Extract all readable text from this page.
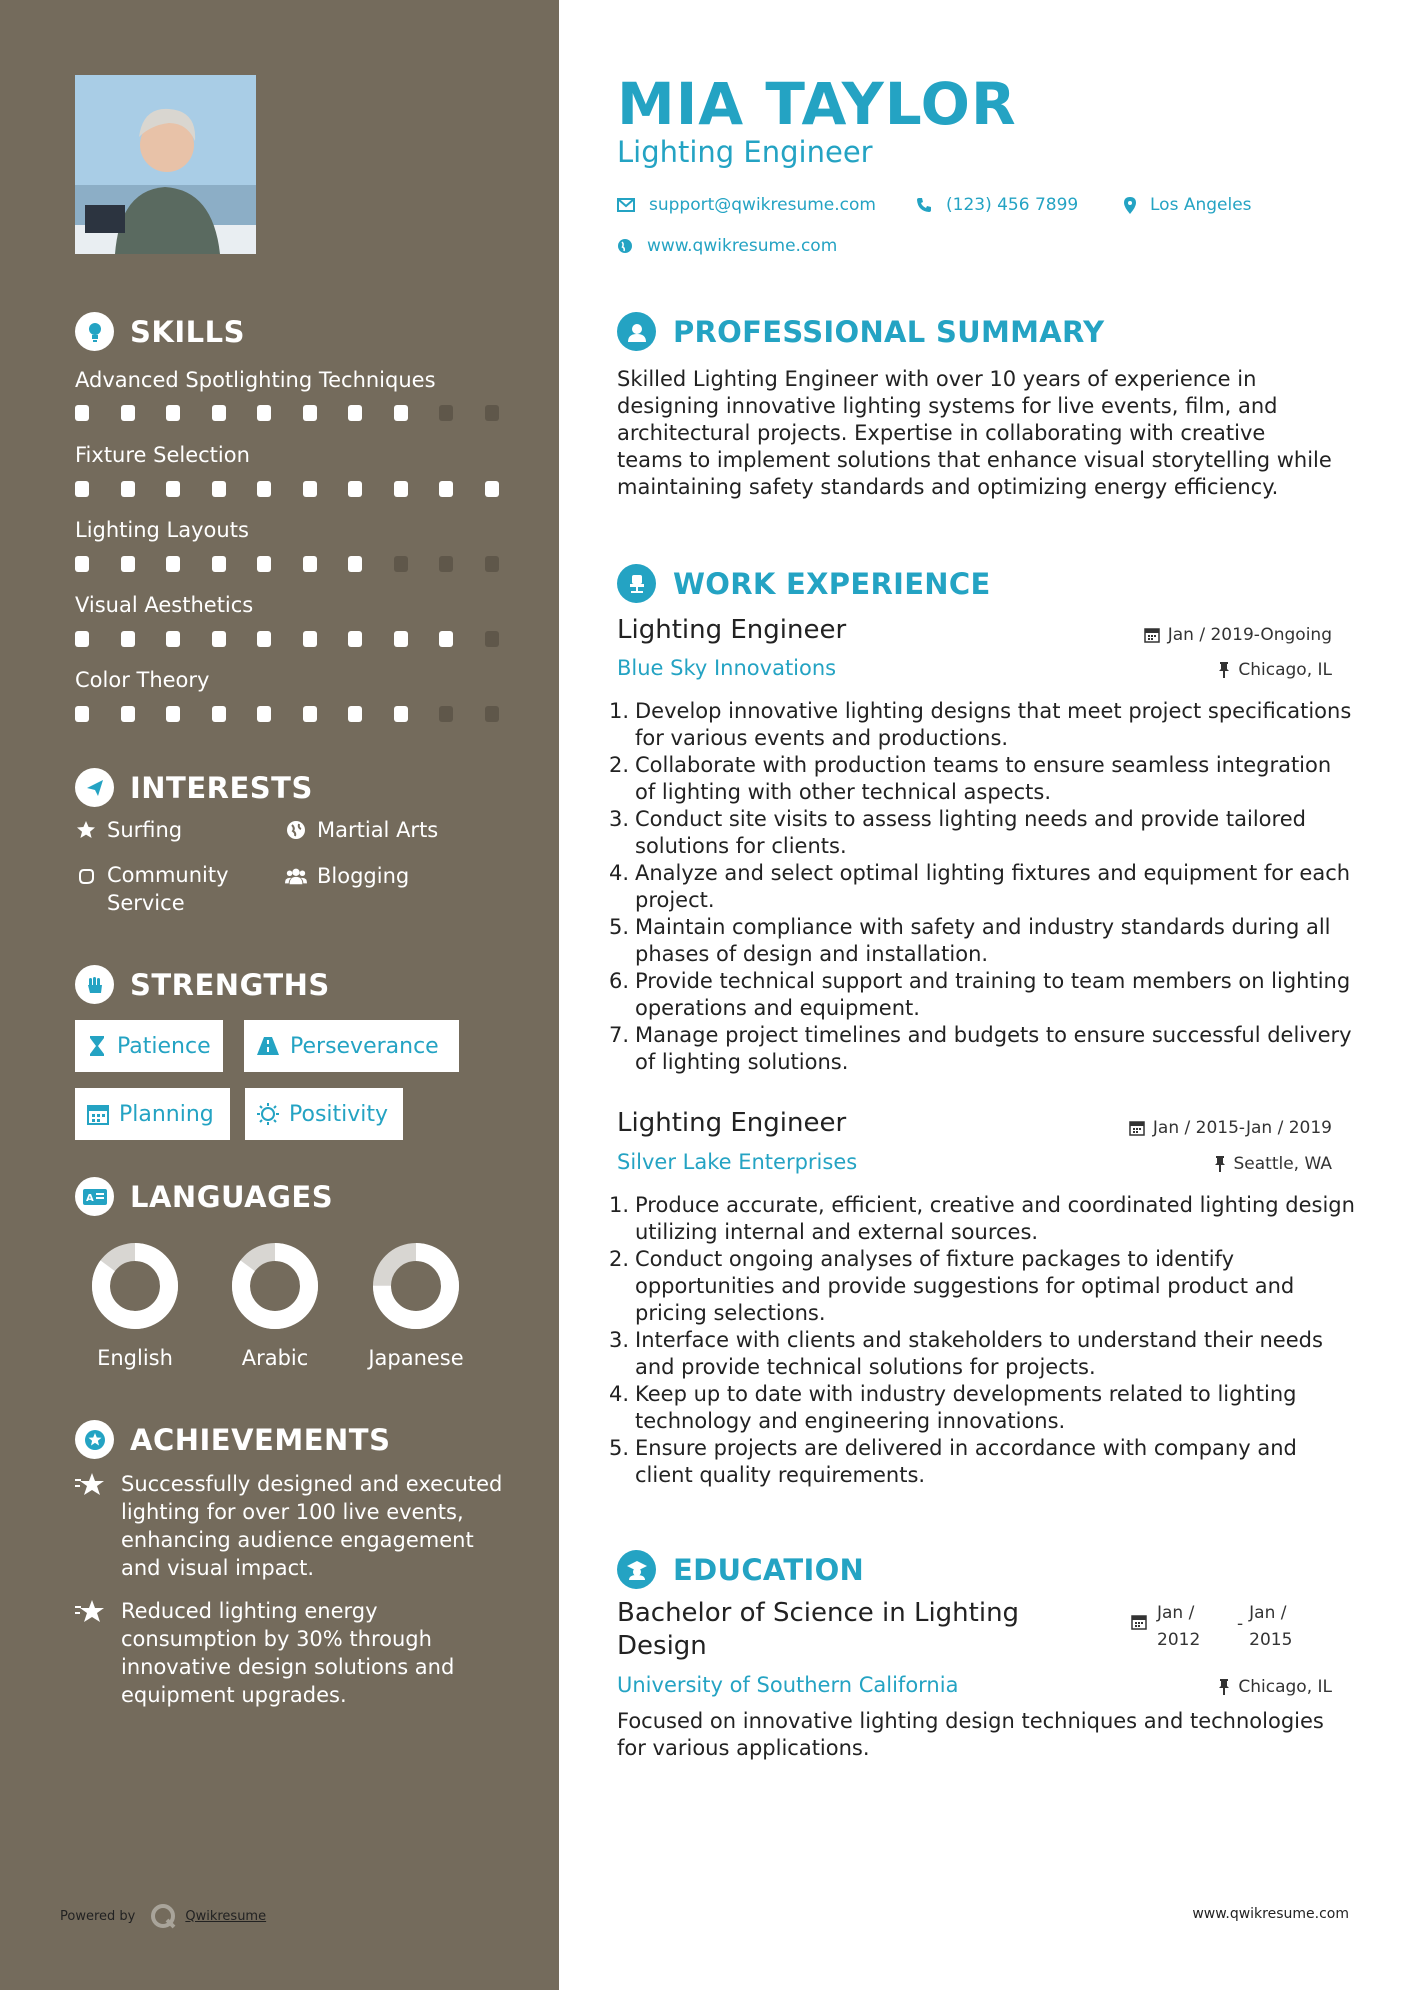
SKILLS
Advanced Spotlighting Techniques
Fixture Selection
Lighting Layouts
Visual Aesthetics
Color Theory
INTERESTS
Surfing	Martial Arts
Community Service
Blogging
STRENGTHS
Patience	Perseverance
Planning	Positivity
A LANGUAGES
English	Arabic	Japanese
ACHIEVEMENTS
Successfully designed and executed lighting for over 100 live events, enhancing audience engagement and visual impact.
Reduced lighting energy consumption by 30% through innovative design solutions and equipment upgrades.
Powered by	Qwikresume
MIA TAYLOR
Lighting Engineer
support@qwikresume.com	(123) 456 7899	Los Angeles
www.qwikresume.com
PROFESSIONAL SUMMARY
Skilled Lighting Engineer with over 10 years of experience in designing innovative lighting systems for live events, film, and architectural projects. Expertise in collaborating with creative teams to implement solutions that enhance visual storytelling while maintaining safety standards and optimizing energy efficiency.
WORK EXPERIENCE
Lighting Engineer	Jan / 2019-Ongoing
Blue Sky Innovations	Chicago, IL
1. Develop innovative lighting designs that meet project specifications for various events and productions.
2. Collaborate with production teams to ensure seamless integration of lighting with other technical aspects.
3. Conduct site visits to assess lighting needs and provide tailored solutions for clients.
4. Analyze and select optimal lighting fixtures and equipment for each project.
5. Maintain compliance with safety and industry standards during all phases of design and installation.
6. Provide technical support and training to team members on lighting operations and equipment.
7. Manage project timelines and budgets to ensure successful delivery of lighting solutions.
Lighting Engineer	Jan / 2015-Jan / 2019
Silver Lake Enterprises	Seattle, WA
1. Produce accurate, efficient, creative and coordinated lighting design utilizing internal and external sources.
2. Conduct ongoing analyses of fixture packages to identify opportunities and provide suggestions for optimal product and pricing selections.
3. Interface with clients and stakeholders to understand their needs and provide technical solutions for projects.
4. Keep up to date with industry developments related to lighting technology and engineering innovations.
5. Ensure projects are delivered in accordance with company and client quality requirements.
EDUCATION
Bachelor of Science in Lighting Design
Jan / 2012
-
Jan / 2015
University of Southern California	Chicago, IL
Focused on innovative lighting design techniques and technologies for various applications.
www.qwikresume.com
